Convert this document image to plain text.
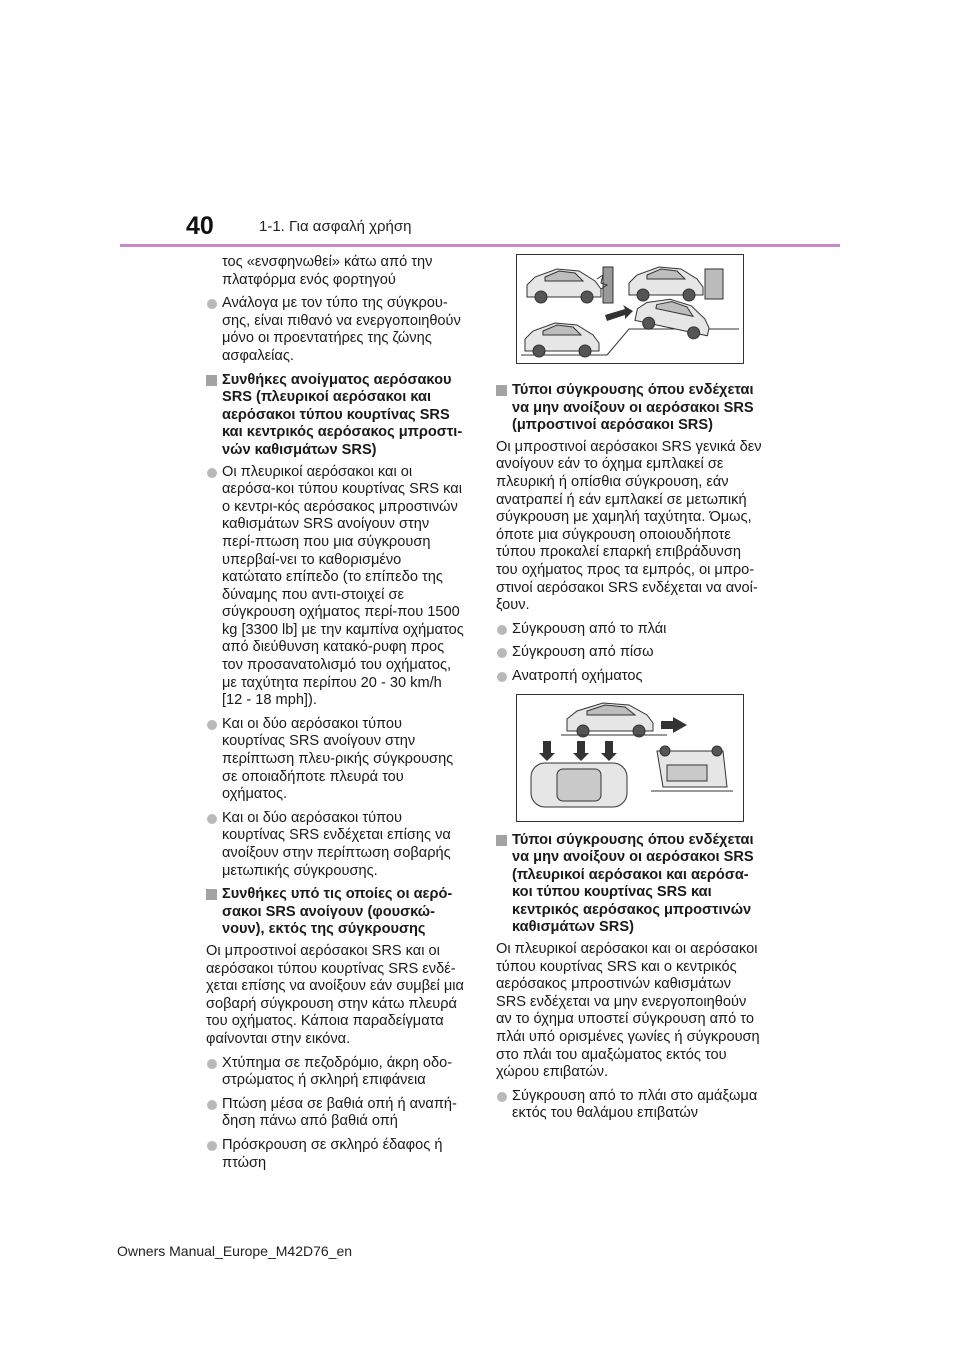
40	1-1. Για ασφαλή χρήση

τος «ενσφηνωθεί» κάτω από την πλατφόρμα ενός φορτηγού

Ανάλογα με τον τύπο της σύγκρου-σης, είναι πιθανό να ενεργοποιηθούν μόνο οι προεντατήρες της ζώνης ασφαλείας.
Συνθήκες ανοίγματος αερόσακου SRS (πλευρικοί αερόσακοι και αερόσακοι τύπου κουρτίνας SRS και κεντρικός αερόσακος μπροστι-νών καθισμάτων SRS)
Οι πλευρικοί αερόσακοι και οι αερόσα-κοι τύπου κουρτίνας SRS και ο κεντρι-κός αερόσακος μπροστινών καθισμάτων SRS ανοίγουν στην περί-πτωση που μια σύγκρουση υπερβαί-νει το καθορισμένο κατώτατο επίπεδο (το επίπεδο της δύναμης που αντι-στοιχεί σε σύγκρουση οχήματος περί-που 1500 kg [3300 lb] με την καμπίνα οχήματος από διεύθυνση κατακό-ρυφη προς τον προσανατολισμό του οχήματος, με ταχύτητα περίπου 20 - 30 km/h [12 - 18 mph]).
Και οι δύο αερόσακοι τύπου κουρτίνας SRS ανοίγουν στην περίπτωση πλευ-ρικής σύγκρουσης σε οποιαδήποτε πλευρά του οχήματος.
Και οι δύο αερόσακοι τύπου κουρτίνας SRS ενδέχεται επίσης να ανοίξουν στην περίπτωση σοβαρής μετωπικής σύγκρουσης.
Συνθήκες υπό τις οποίες οι αερό-σακοι SRS ανοίγουν (φουσκώ-νουν), εκτός της σύγκρουσης

Οι μπροστινοί αερόσακοι SRS και οι αερόσακοι τύπου κουρτίνας SRS ενδέ-χεται επίσης να ανοίξουν εάν συμβεί μια σοβαρή σύγκρουση στην κάτω πλευρά του οχήματος. Κάποια παραδείγματα φαίνονται στην εικόνα.

Χτύπημα σε πεζοδρόμιο, άκρη οδο-στρώματος ή σκληρή επιφάνεια
Πτώση μέσα σε βαθιά οπή ή αναπή-δηση πάνω από βαθιά οπή
Πρόσκρουση σε σκληρό έδαφος ή πτώση
Τύποι σύγκρουσης όπου ενδέχεται να μην ανοίξουν οι αερόσακοι SRS (μπροστινοί αερόσακοι SRS)

Οι μπροστινοί αερόσακοι SRS γενικά δεν ανοίγουν εάν το όχημα εμπλακεί σε πλευρική ή οπίσθια σύγκρουση, εάν ανατραπεί ή εάν εμπλακεί σε μετωπική σύγκρουση με χαμηλή ταχύτητα. Όμως, όποτε μια σύγκρουση οποιουδήποτε τύπου προκαλεί επαρκή επιβράδυνση του οχήματος προς τα εμπρός, οι μπρο-στινοί αερόσακοι SRS ενδέχεται να ανοί-ξουν.

Σύγκρουση από το πλάι
Σύγκρουση από πίσω
Ανατροπή οχήματος
Τύποι σύγκρουσης όπου ενδέχεται να μην ανοίξουν οι αερόσακοι SRS (πλευρικοί αερόσακοι και αερόσα-κοι τύπου κουρτίνας SRS και κεντρικός αερόσακος μπροστινών καθισμάτων SRS)

Οι πλευρικοί αερόσακοι και οι αερόσακοι τύπου κουρτίνας SRS και ο κεντρικός αερόσακος μπροστινών καθισμάτων SRS ενδέχεται να μην ενεργοποιηθούν αν το όχημα υποστεί σύγκρουση από το πλάι υπό ορισμένες γωνίες ή σύγκρουση στο πλάι του αμαξώματος εκτός του χώρου επιβατών.

Σύγκρουση από το πλάι στο αμάξωμα εκτός του θαλάμου επιβατών
Owners Manual_Europe_M42D76_en
